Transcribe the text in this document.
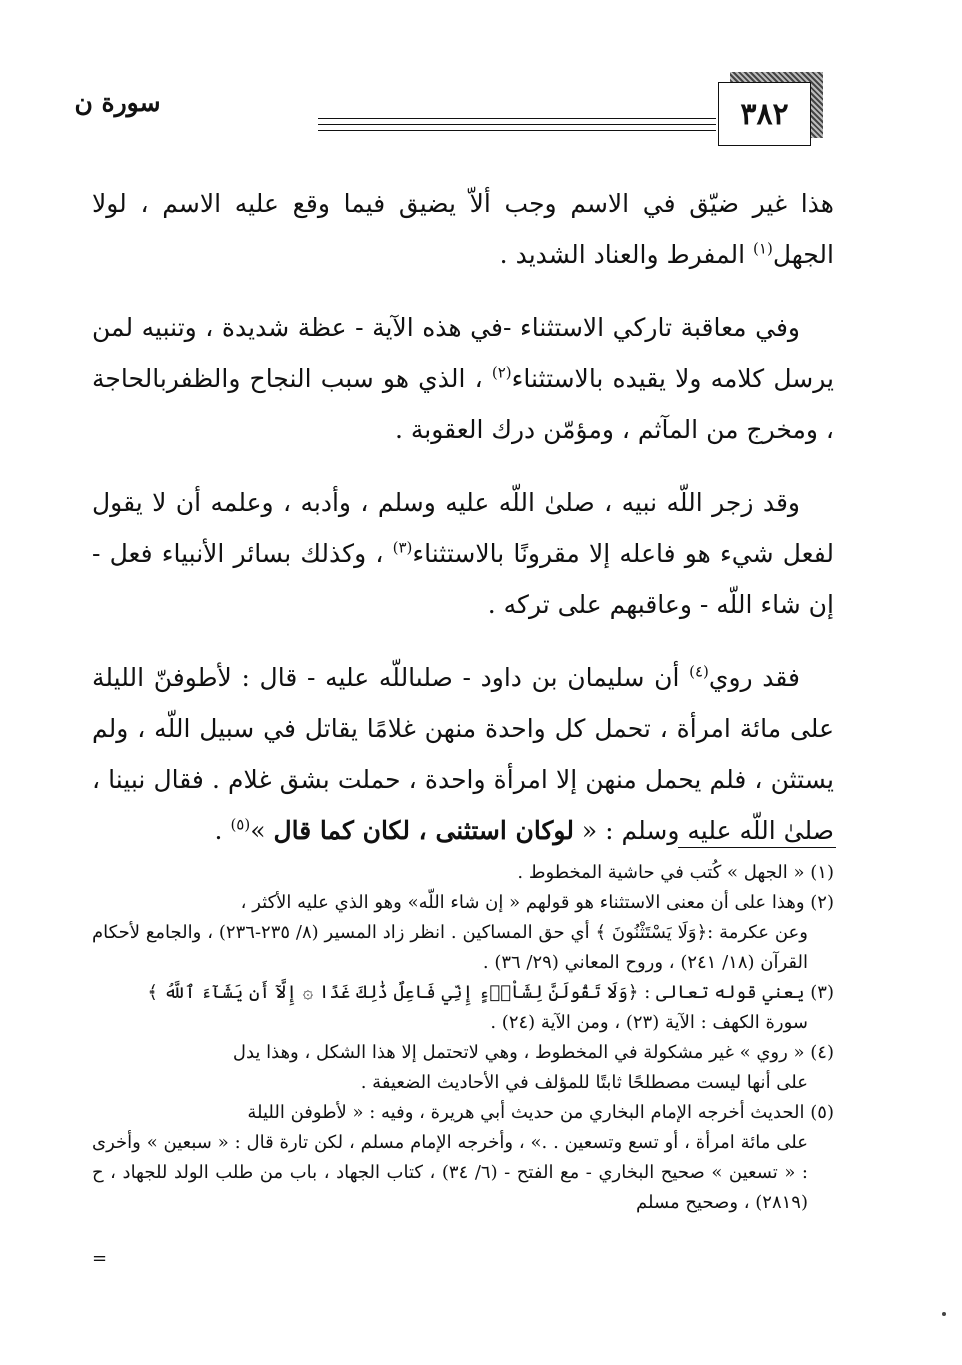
٣٨٢
سورة ن

هذا غير ضيّق في الاسم وجب ألاّ يضيق فيما وقع عليه الاسم ، لولا الجهل$^{(١)}$ المفرط والعناد الشديد .

وفي معاقبة تاركي الاستثناء -في هذه الآية - عظة شديدة ، وتنبيه لمن يرسل كلامه ولا يقيده بالاستثناء$^{(٢)}$ ، الذي هو سبب النجاح والظفربالحاجة ، ومخرج من المآثم ، ومؤمّن درك العقوبة .

وقد زجر اللّه نبيه ، صلىٰ اللّه عليه وسلم ، وأدبه ، وعلمه أن لا يقول لفعل شيء هو فاعله إلا مقرونًا بالاستثناء$^{(٣)}$ ، وكذلك بسائر الأنبياء فعل - إن شاء اللّه - وعاقبهم على تركه .

فقد روي$^{(٤)}$ أن سليمان بن داود - صلىاللّه عليه - قال : لأطوفنّ الليلة على مائة امرأة ، تحمل كل واحدة منهن غلامًا يقاتل في سبيل اللّه ، ولم يستثن ، فلم يحمل منهن إلا امرأة واحدة ، حملت بشق غلام . فقال نبينا ، صلىٰ اللّه عليه وسلم : « لوكان استثنى ، لكان كما قال »$^{(٥)}$ .

(١) « الجهل » كُتب في حاشية المخطوط .
(٢) وهذا على أن معنى الاستثناء هو قولهم « إن شاء اللّه» وهو الذي عليه الأكثر ،
وعن عكرمة :﴿وَلَا يَسْتَثْنُونَ ﴾ أي حق المساكين . انظر زاد المسير (٨/ ٢٣٥-٢٣٦) ، والجامع لأحكام القرآن (١٨/ ٢٤١) ، وروح المعاني (٢٩/ ٣٦) .
(٣) يعني قوله تعالى : ﴿وَلَا تَقُولَنَّ لِشَاْىۡءٍ إِنِّي فَاعِلٌ ذَٰلِكَ غَدًا ۞ إِلَّآ أَن يَشَآءَ ٱللَّهُ ﴾
سورة الكهف : الآية (٢٣) ، ومن الآية (٢٤) .
(٤) « روي » غير مشكولة في المخطوط ، وهي لاتحتمل إلا هذا الشكل ، وهذا يدل
على أنها ليست مصطلحًا ثابتًا للمؤلف في الأحاديث الضعيفة .
(٥) الحديث أخرجه الإمام البخاري من حديث أبي هريرة ، وفيه : « لأطوفن الليلة
على مائة امرأة ، أو تسع وتسعين . .» ، وأخرجه الإمام مسلم ، لكن تارة قال : « سبعين » وأخرى : « تسعين » صحيح البخاري - مع الفتح - (٦/ ٣٤) ، كتاب الجهاد ، باب من طلب الولد للجهاد ، ح (٢٨١٩) ، وصحيح مسلم
=
